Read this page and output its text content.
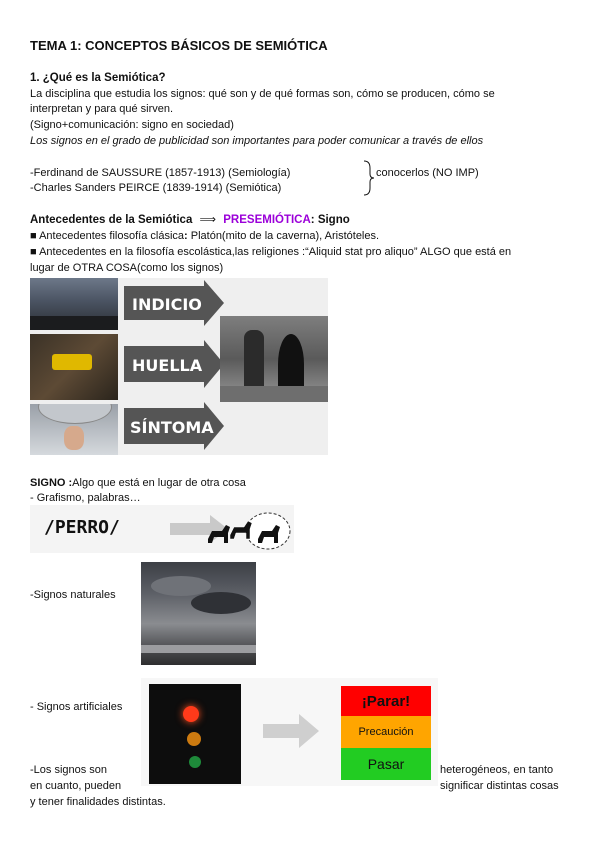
TEMA 1: CONCEPTOS BÁSICOS DE SEMIÓTICA
1. ¿Qué es la Semiótica?
La disciplina que estudia los signos: qué son y de qué formas son, cómo se producen, cómo se
interpretan y para qué sirven.
(Signo+comunicación: signo en sociedad)
Los signos en el grado de publicidad son importantes para poder comunicar a través de ellos
-Ferdinand de SAUSSURE (1857-1913) (Semiología)
-Charles Sanders PEIRCE (1839-1914) (Semiótica)
conocerlos (NO IMP)
Antecedentes de la Semiótica ⟹ PRESEMIÓTICA: Signo
■ Antecedentes filosofía clásica: Platón(mito de la caverna), Aristóteles.
■ Antecedentes en la filosofía escolástica,las religiones :“Aliquid stat pro aliquo” ALGO que está en
lugar de OTRA COSA(como los signos)
INDICIO
HUELLA
SÍNTOMA
SIGNO :Algo que está en lugar de otra cosa
- Grafismo, palabras…
/PERRO/
-Signos naturales
- Signos artificiales	¡Parar!
Precaución
Pasar
-Los signos son	heterogéneos, en tanto
en cuanto, pueden	significar distintas cosas
y tener finalidades distintas.
